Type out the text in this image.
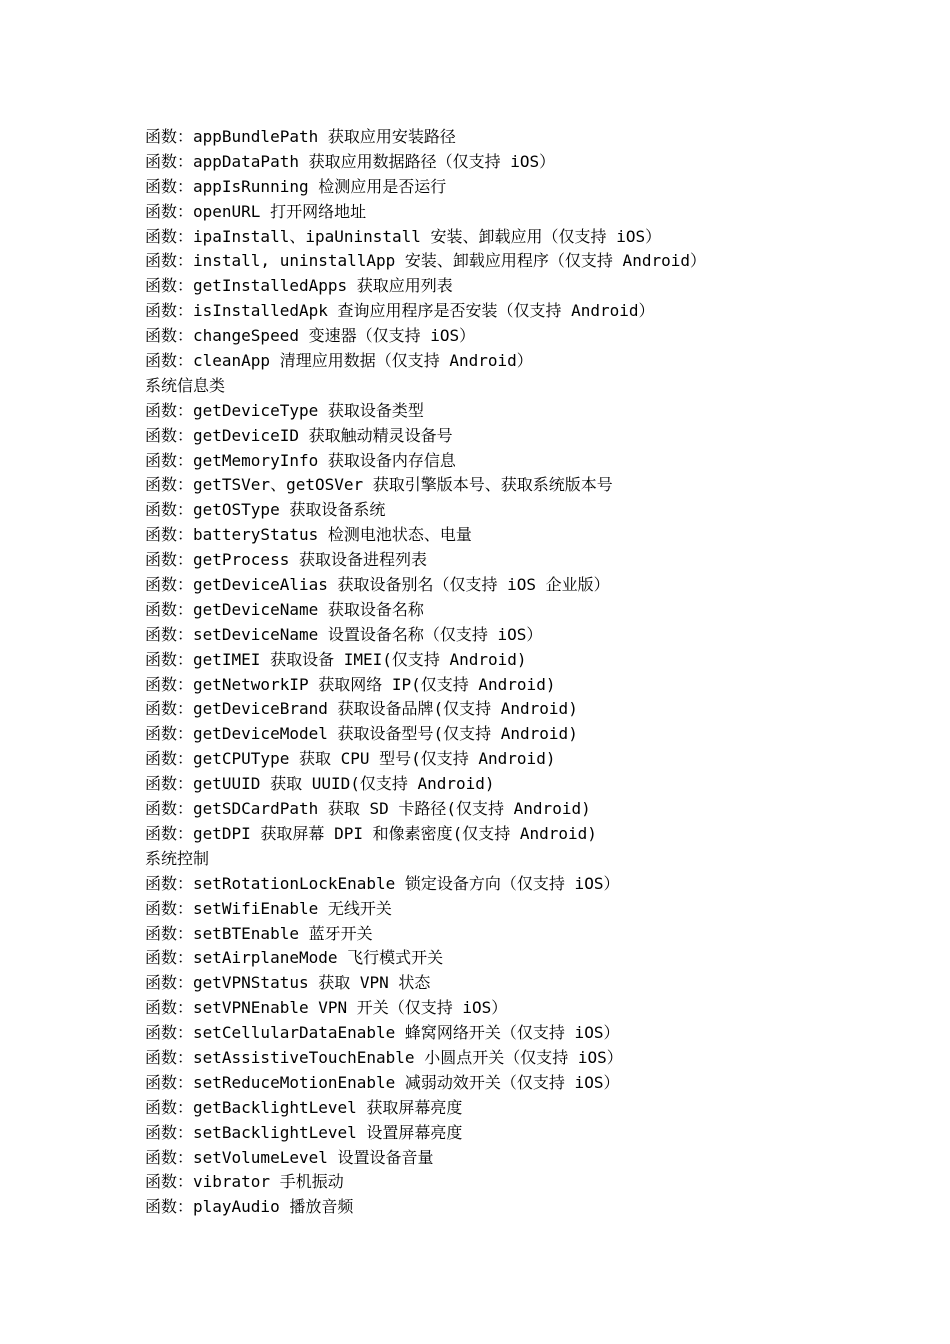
函数：appBundlePath 获取应用安装路径
函数：appDataPath 获取应用数据路径（仅支持 iOS）
函数：appIsRunning 检测应用是否运行
函数：openURL 打开网络地址
函数：ipaInstall、ipaUninstall 安装、卸载应用（仅支持 iOS）
函数：install, uninstallApp 安装、卸载应用程序（仅支持 Android）
函数：getInstalledApps 获取应用列表
函数：isInstalledApk 查询应用程序是否安装（仅支持 Android）
函数：changeSpeed 变速器（仅支持 iOS）
函数：cleanApp 清理应用数据（仅支持 Android）
系统信息类
函数：getDeviceType 获取设备类型
函数：getDeviceID 获取触动精灵设备号
函数：getMemoryInfo 获取设备内存信息
函数：getTSVer、getOSVer 获取引擎版本号、获取系统版本号
函数：getOSType 获取设备系统
函数：batteryStatus 检测电池状态、电量
函数：getProcess 获取设备进程列表
函数：getDeviceAlias 获取设备别名（仅支持 iOS 企业版）
函数：getDeviceName 获取设备名称
函数：setDeviceName 设置设备名称（仅支持 iOS）
函数：getIMEI 获取设备 IMEI(仅支持 Android)
函数：getNetworkIP 获取网络 IP(仅支持 Android)
函数：getDeviceBrand 获取设备品牌(仅支持 Android)
函数：getDeviceModel 获取设备型号(仅支持 Android)
函数：getCPUType 获取 CPU 型号(仅支持 Android)
函数：getUUID 获取 UUID(仅支持 Android)
函数：getSDCardPath 获取 SD 卡路径(仅支持 Android)
函数：getDPI 获取屏幕 DPI 和像素密度(仅支持 Android)
系统控制
函数：setRotationLockEnable 锁定设备方向（仅支持 iOS）
函数：setWifiEnable 无线开关
函数：setBTEnable 蓝牙开关
函数：setAirplaneMode 飞行模式开关
函数：getVPNStatus 获取 VPN 状态
函数：setVPNEnable VPN 开关（仅支持 iOS）
函数：setCellularDataEnable 蜂窝网络开关（仅支持 iOS）
函数：setAssistiveTouchEnable 小圆点开关（仅支持 iOS）
函数：setReduceMotionEnable 减弱动效开关（仅支持 iOS）
函数：getBacklightLevel 获取屏幕亮度
函数：setBacklightLevel 设置屏幕亮度
函数：setVolumeLevel 设置设备音量
函数：vibrator 手机振动
函数：playAudio 播放音频
